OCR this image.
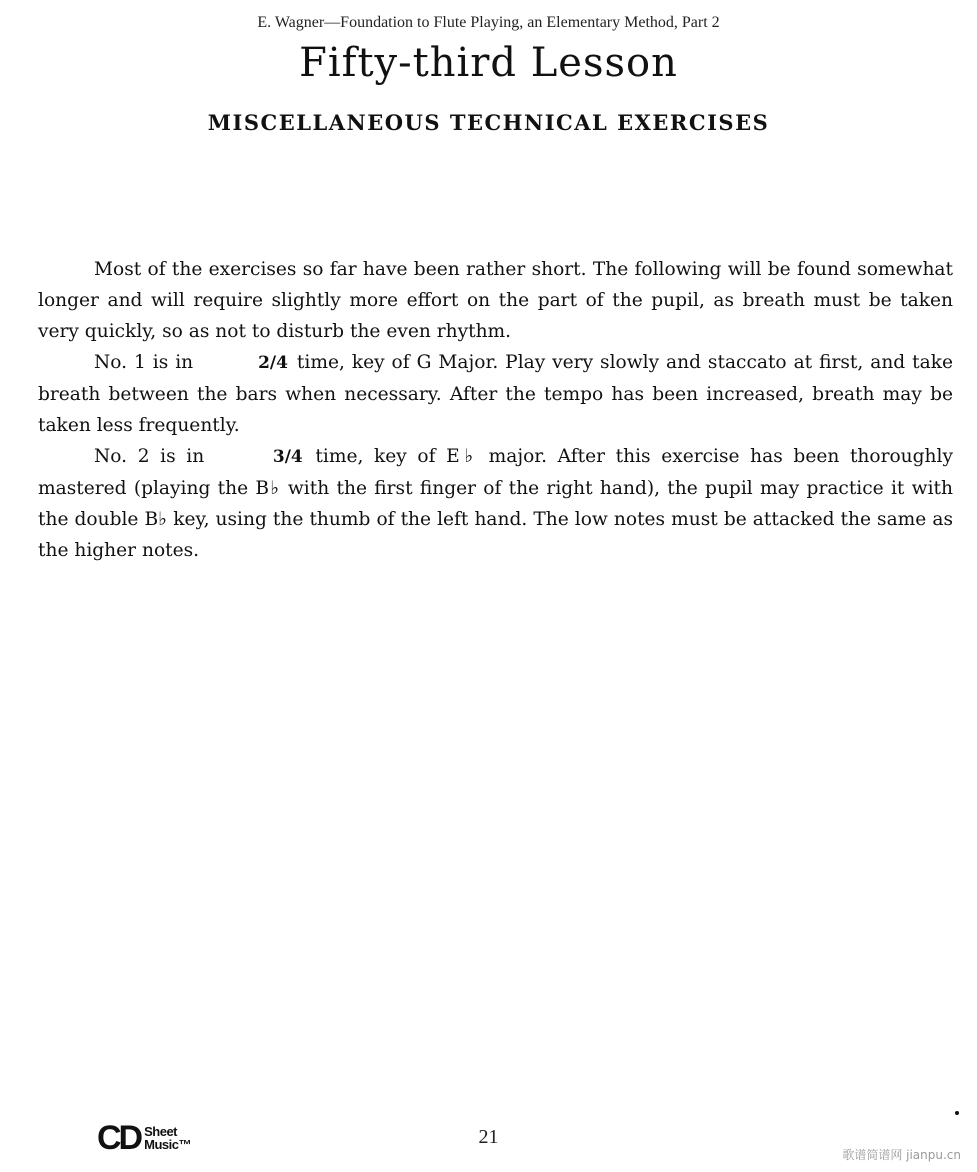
E. Wagner—Foundation to Flute Playing, an Elementary Method, Part 2
Fifty-third Lesson
MISCELLANEOUS TECHNICAL EXERCISES

Most of the exercises so far have been rather short. The following will be found somewhat longer and will require slightly more effort on the part of the pupil, as breath must be taken very quickly, so as not to disturb the even rhythm.

No. 1 is in	2/4 time, key of G Major. Play very slowly and staccato at first, and take breath between the bars when necessary. After the tempo has been increased, breath may be taken less frequently.

No. 2 is in	3/4 time, key of E♭ major. After this exercise has been thoroughly mastered (playing the B♭ with the first finger of the right hand), the pupil may practice it with the double B♭ key, using the thumb of the left hand. The low notes must be attacked the same as the higher notes.

CD Sheet
Music™	21
歌谱简谱网 jianpu.cn
